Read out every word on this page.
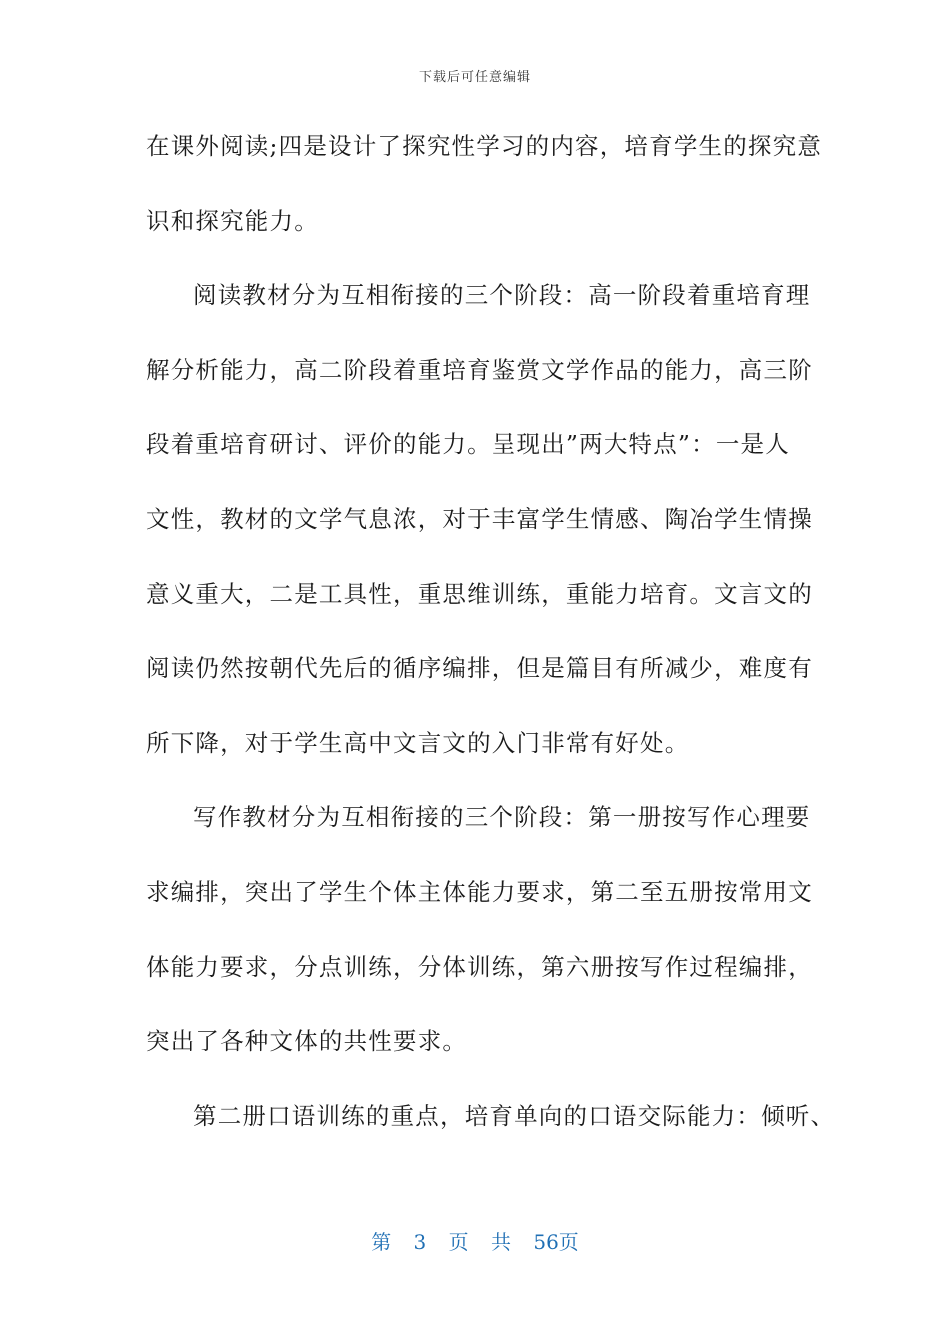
下载后可任意编辑
在课外阅读;四是设计了探究性学习的内容，培育学生的探究意
识和探究能力。
阅读教材分为互相衔接的三个阶段：高一阶段着重培育理
解分析能力，高二阶段着重培育鉴赏文学作品的能力，高三阶
段着重培育研讨、评价的能力。呈现出”两大特点”：一是人
文性，教材的文学气息浓，对于丰富学生情感、陶冶学生情操
意义重大，二是工具性，重思维训练，重能力培育。文言文的
阅读仍然按朝代先后的循序编排，但是篇目有所减少，难度有
所下降，对于学生高中文言文的入门非常有好处。
写作教材分为互相衔接的三个阶段：第一册按写作心理要
求编排，突出了学生个体主体能力要求，第二至五册按常用文
体能力要求，分点训练，分体训练，第六册按写作过程编排，
突出了各种文体的共性要求。
第二册口语训练的重点，培育单向的口语交际能力：倾听、
第 3 页 共 56页
